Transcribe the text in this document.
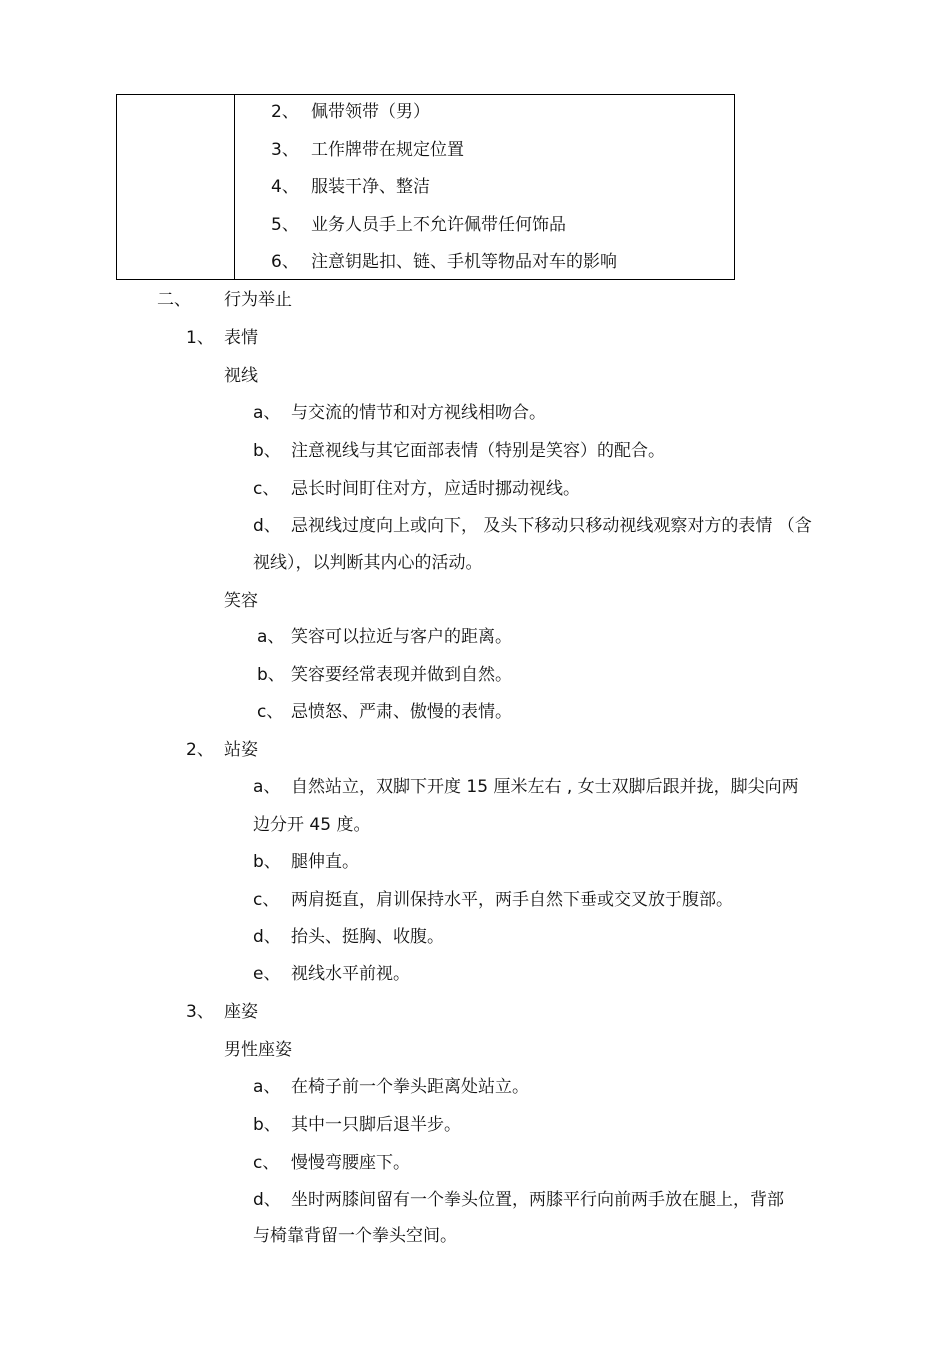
2、 佩带领带（男）
3、 工作牌带在规定位置
4、 服装干净、整洁
5、 业务人员手上不允许佩带任何饰品
6、 注意钥匙扣、链、手机等物品对车的影响
二、 行为举止
1、 表情
视线
a、 与交流的情节和对方视线相吻合。
b、 注意视线与其它面部表情（特别是笑容）的配合。
c、 忌长时间盯住对方，应适时挪动视线。
d、 忌视线过度向上或向下， 及头下移动只移动视线观察对方的表情 （含
视线），以判断其内心的活动。
笑容
a、 笑容可以拉近与客户的距离。
b、 笑容要经常表现并做到自然。
c、 忌愤怒、严肃、傲慢的表情。
2、 站姿
a、 自然站立，双脚下开度 15 厘米左右 , 女士双脚后跟并拢，脚尖向两
边分开 45 度。
b、 腿伸直。
c、 两肩挺直，肩训保持水平，两手自然下垂或交叉放于腹部。
d、 抬头、挺胸、收腹。
e、 视线水平前视。
3、 座姿
男性座姿
a、 在椅子前一个拳头距离处站立。
b、 其中一只脚后退半步。
c、 慢慢弯腰座下。
d、 坐时两膝间留有一个拳头位置，两膝平行向前两手放在腿上，背部
与椅靠背留一个拳头空间。
